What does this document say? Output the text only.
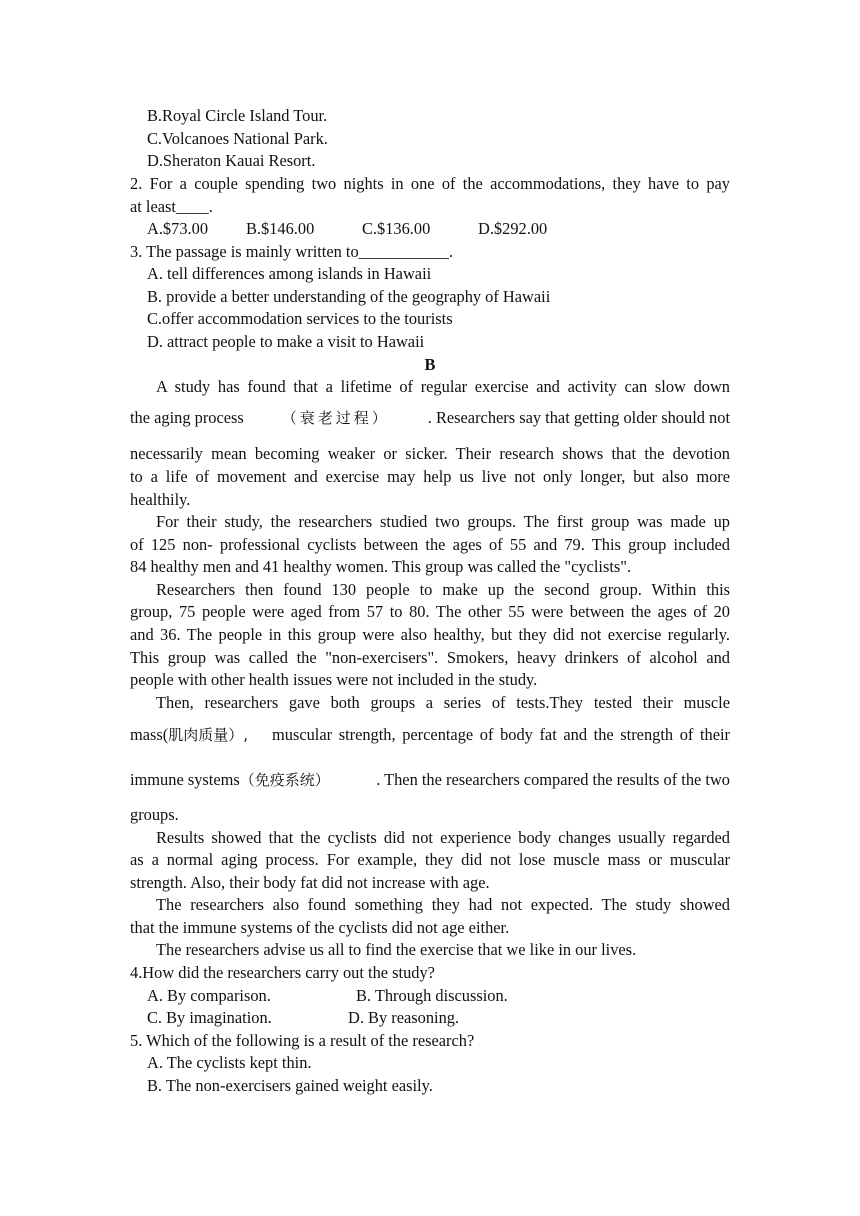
B.Royal Circle Island Tour.
C.Volcanoes National Park.
D.Sheraton Kauai Resort.
2. For a couple spending two nights in one of the accommodations, they have to pay
at least____.
A.$73.00 B.$146.00	C.$136.00	D.$292.00
3. The passage is mainly written to___________.
A. tell differences among islands in Hawaii
B. provide a better understanding of the geography of Hawaii
C.offer accommodation services to the tourists
D. attract people to make a visit to Hawaii
B
A study has found that a lifetime of regular exercise and activity can slow down
the aging process	（衰老过程） . Researchers say that getting older should not
necessarily mean becoming weaker or sicker. Their research shows that the devotion
to a life of movement and exercise may help us live not only longer, but also more
healthily.
For their study, the researchers studied two groups. The first group was made up
of 125 non- professional cyclists between the ages of 55 and 79. This group included
84 healthy men and 41 healthy women. This group was called the "cyclists".
Researchers then found 130 people to make up the second group. Within this
group, 75 people were aged from 57 to 80. The other 55 were between the ages of 20
and 36. The people in this group were also healthy, but they did not exercise regularly.
This group was called the "non-exercisers". Smokers, heavy drinkers of alcohol and
people with other health issues were not included in the study.
Then, researchers gave both groups a series of tests.They tested their muscle
mass(肌肉质量）, muscular strength, percentage of body fat and the strength of their
immune systems（免疫系统）	. Then the researchers compared the results of the two
groups.
Results showed that the cyclists did not experience body changes usually regarded
as a normal aging process. For example, they did not lose muscle mass or muscular
strength. Also, their body fat did not increase with age.
The researchers also found something they had not expected. The study showed
that the immune systems of the cyclists did not age either.
The researchers advise us all to find the exercise that we like in our lives.
4.How did the researchers carry out the study?
A. By comparison.	B. Through discussion.
C. By imagination.	D. By reasoning.
5. Which of the following is a result of the research?
A. The cyclists kept thin.
B. The non-exercisers gained weight easily.
